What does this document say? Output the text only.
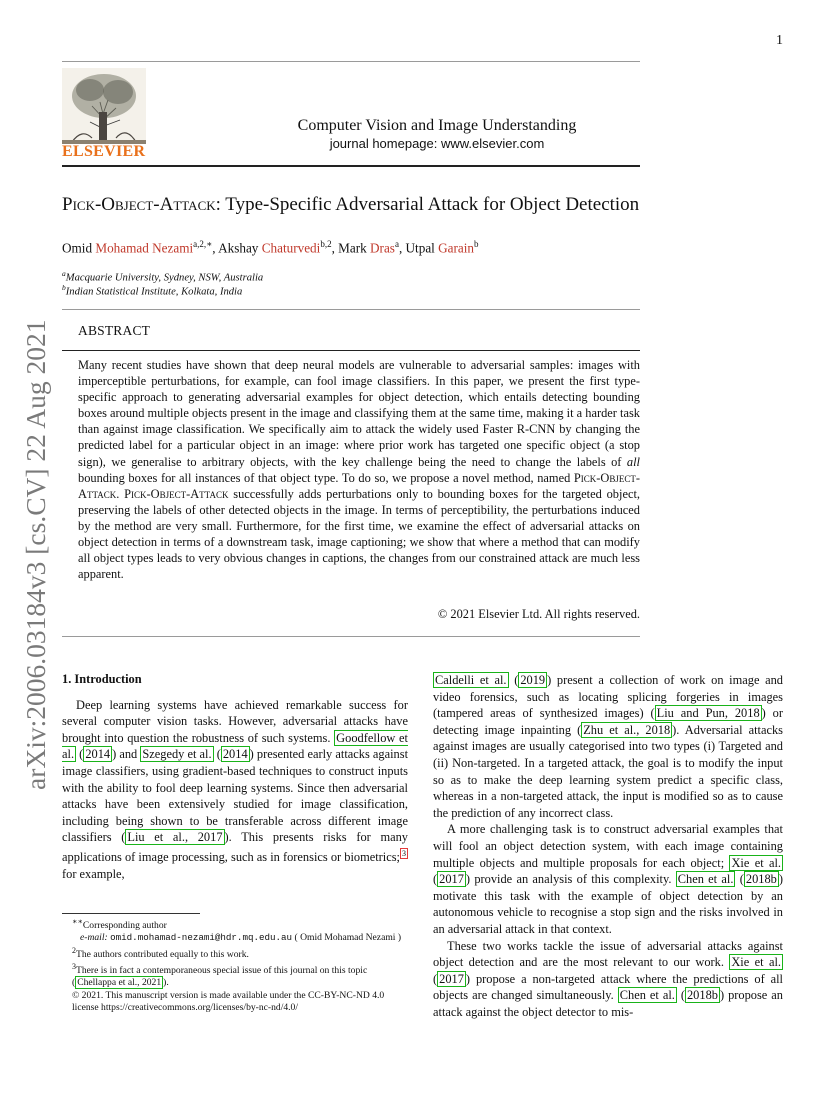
1
ELSEVIER
Computer Vision and Image Understanding
journal homepage: www.elsevier.com
Pick-Object-Attack: Type-Specific Adversarial Attack for Object Detection
Omid Mohamad Nezami$^{a,2,∗}$, Akshay Chaturvedi$^{b,2}$, Mark Dras$^a$, Utpal Garain$^b$
$^a$Macquarie University, Sydney, NSW, Australia
$^b$Indian Statistical Institute, Kolkata, India
ABSTRACT
Many recent studies have shown that deep neural models are vulnerable to adversarial samples: images with imperceptible perturbations, for example, can fool image classifiers. In this paper, we present the first type-specific approach to generating adversarial examples for object detection, which entails detecting bounding boxes around multiple objects present in the image and classifying them at the same time, making it a harder task than against image classification. We specifically aim to attack the widely used Faster R-CNN by changing the predicted label for a particular object in an image: where prior work has targeted one specific object (a stop sign), we generalise to arbitrary objects, with the key challenge being the need to change the labels of all bounding boxes for all instances of that object type. To do so, we propose a novel method, named Pick-Object-Attack. Pick-Object-Attack successfully adds perturbations only to bounding boxes for the targeted object, preserving the labels of other detected objects in the image. In terms of perceptibility, the perturbations induced by the method are very small. Furthermore, for the first time, we examine the effect of adversarial attacks on object detection in terms of a downstream task, image captioning; we show that where a method that can modify all object types leads to very obvious changes in captions, the changes from our constrained attack are much less apparent.
© 2021 Elsevier Ltd. All rights reserved.
arXiv:2006.03184v3 [cs.CV] 22 Aug 2021 1. Introduction

Deep learning systems have achieved remarkable success for several computer vision tasks. However, adversarial attacks have brought into question the robustness of such systems. Goodfellow et al. ( 2014 ) and Szegedy et al. ( 2014 ) presented early attacks against image classifiers, using gradient-based techniques to construct inputs with the ability to fool deep learning systems. Since then adversarial attacks have been extensively studied for image classification, including being shown to be transferable across different image classifiers ( Liu et al., 2017 ). This presents risks for many applications of image processing, such as in forensics or biometrics; $^3$ for example,

∗∗Corresponding author
e-mail: omid.mohamad-nezami@hdr.mq.edu.au ( Omid Mohamad Nezami )
$^2$The authors contributed equally to this work.
$^3$There is in fact a contemporaneous special issue of this journal on this topic ( Chellappa et al., 2021 ).
© 2021. This manuscript version is made available under the CC-BY-NC-ND 4.0 license https://creativecommons.org/licenses/by-nc-nd/4.0/

Caldelli et al. ( 2019 ) present a collection of work on image and video forensics, such as locating splicing forgeries in images (tampered areas of synthesized images) ( Liu and Pun, 2018 ) or detecting image inpainting ( Zhu et al., 2018 ). Adversarial attacks against images are usually categorised into two types (i) Targeted and (ii) Non-targeted. In a targeted attack, the goal is to modify the input so as to make the deep learning system predict a specific class, whereas in a non-targeted attack, the input is modified so as to cause the prediction of any incorrect class.

A more challenging task is to construct adversarial examples that will fool an object detection system, with each image containing multiple objects and multiple proposals for each object; Xie et al. ( 2017 ) provide an analysis of this complexity. Chen et al. ( 2018b ) motivate this task with the example of object detection by an autonomous vehicle to recognise a stop sign and the risks involved in an adversarial attack in that context.

These two works tackle the issue of adversarial attacks against object detection and are the most relevant to our work. Xie et al. ( 2017 ) propose a non-targeted attack where the predictions of all objects are changed simultaneously. Chen et al. ( 2018b ) propose an attack against the object detector to mis-
